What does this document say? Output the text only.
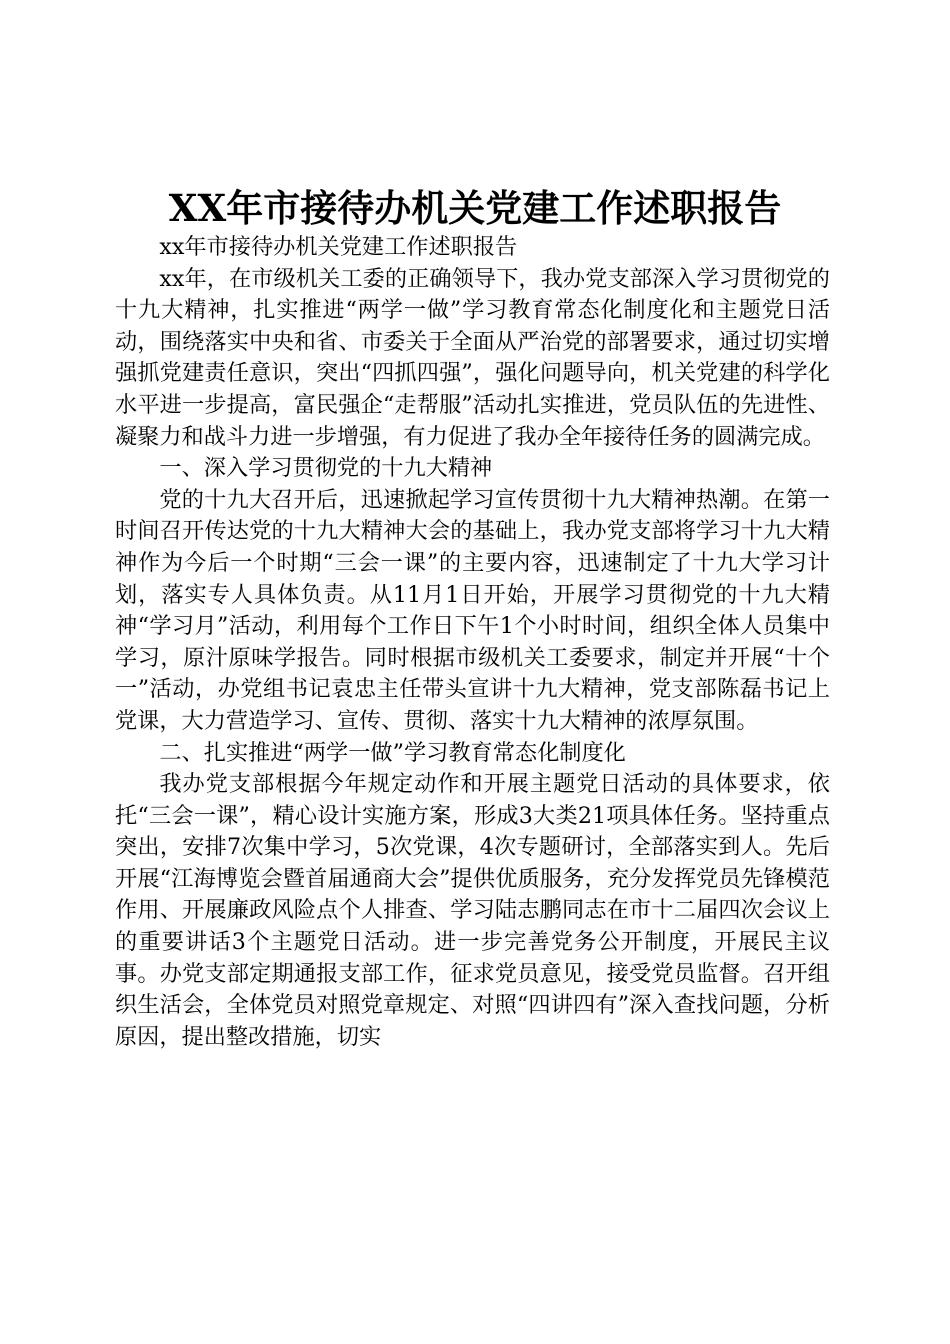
XX年市接待办机关党建工作述职报告

xx年市接待办机关党建工作述职报告

xx年，在市级机关工委的正确领导下，我办党支部深入学习贯彻党的十九大精神，扎实推进“两学一做”学习教育常态化制度化和主题党日活动，围绕落实中央和省、市委关于全面从严治党的部署要求，通过切实增强抓党建责任意识，突出“四抓四强”，强化问题导向，机关党建的科学化水平进一步提高，富民强企“走帮服”活动扎实推进，党员队伍的先进性、凝聚力和战斗力进一步增强，有力促进了我办全年接待任务的圆满完成。

一、深入学习贯彻党的十九大精神

党的十九大召开后，迅速掀起学习宣传贯彻十九大精神热潮。在第一时间召开传达党的十九大精神大会的基础上，我办党支部将学习十九大精神作为今后一个时期“三会一课”的主要内容，迅速制定了十九大学习计划，落实专人具体负责。从11月1日开始，开展学习贯彻党的十九大精神“学习月”活动，利用每个工作日下午1个小时时间，组织全体人员集中学习，原汁原味学报告。同时根据市级机关工委要求，制定并开展“十个一”活动，办党组书记袁忠主任带头宣讲十九大精神，党支部陈磊书记上党课，大力营造学习、宣传、贯彻、落实十九大精神的浓厚氛围。

二、扎实推进“两学一做”学习教育常态化制度化

我办党支部根据今年规定动作和开展主题党日活动的具体要求，依托“三会一课”，精心设计实施方案，形成3大类21项具体任务。坚持重点突出，安排7次集中学习，5次党课，4次专题研讨，全部落实到人。先后开展“江海博览会暨首届通商大会”提供优质服务，充分发挥党员先锋模范作用、开展廉政风险点个人排查、学习陆志鹏同志在市十二届四次会议上的重要讲话3个主题党日活动。进一步完善党务公开制度，开展民主议事。办党支部定期通报支部工作，征求党员意见，接受党员监督。召开组织生活会，全体党员对照党章规定、对照“四讲四有”深入查找问题，分析原因，提出整改措施，切实
